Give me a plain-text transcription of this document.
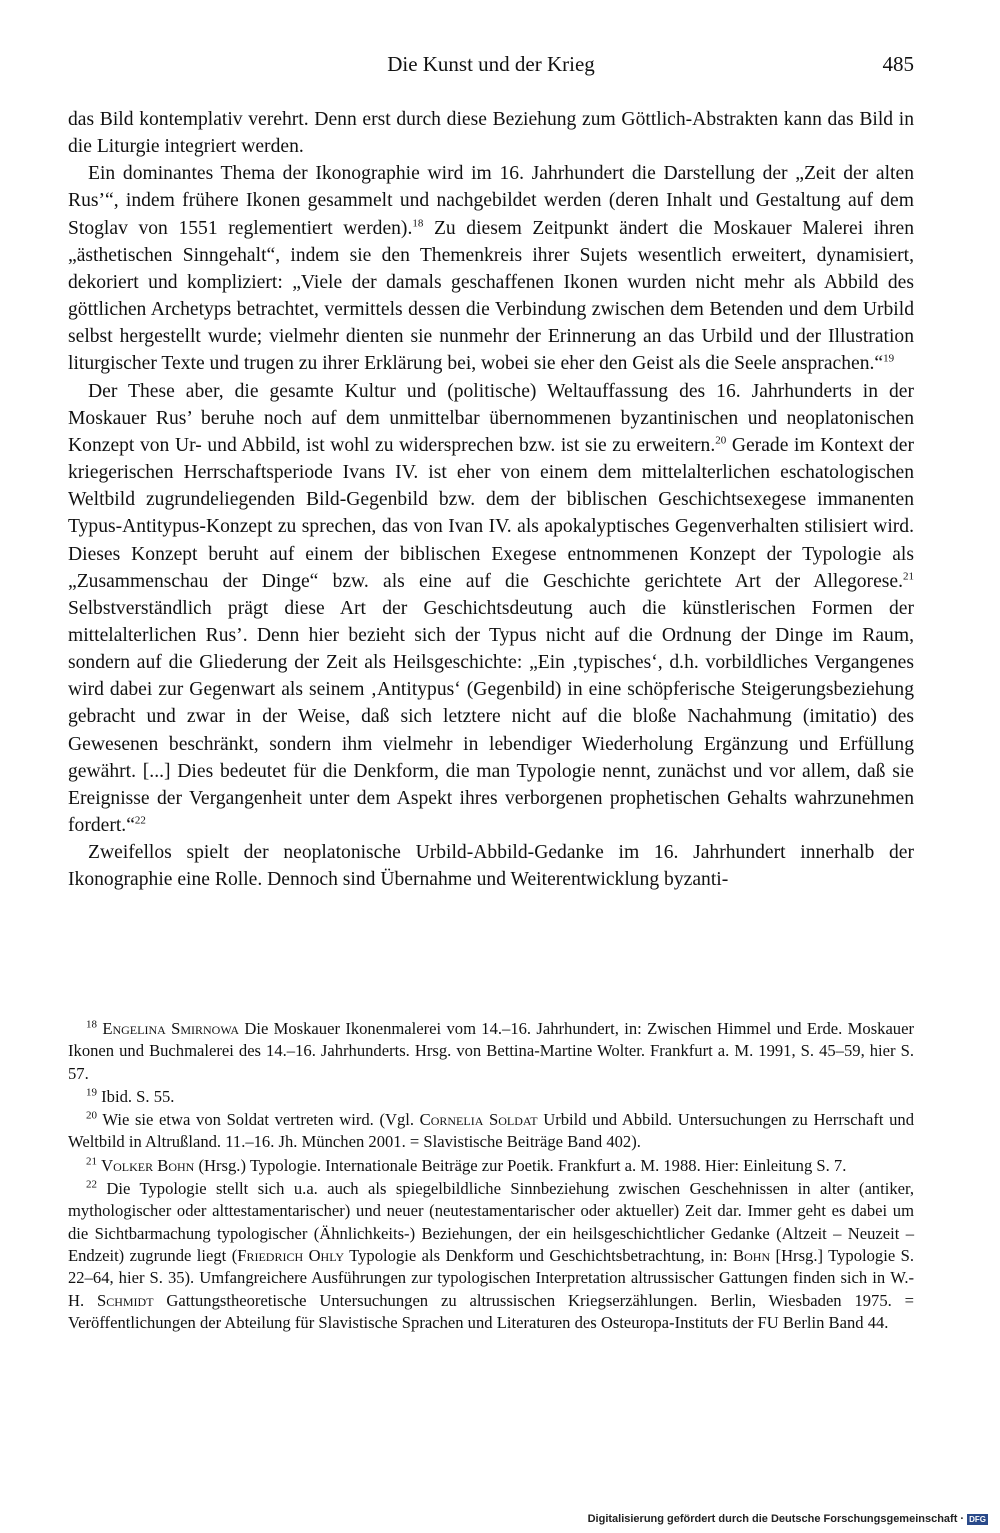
Die Kunst und der Krieg	485

das Bild kontemplativ verehrt. Denn erst durch diese Beziehung zum Göttlich-Abstrakten kann das Bild in die Liturgie integriert werden.

Ein dominantes Thema der Ikonographie wird im 16. Jahrhundert die Darstellung der „Zeit der alten Rus’“, indem frühere Ikonen gesammelt und nachgebildet werden (deren Inhalt und Gestaltung auf dem Stoglav von 1551 reglementiert werden).$^{18}$ Zu diesem Zeitpunkt ändert die Moskauer Malerei ihren „ästhetischen Sinngehalt“, indem sie den Themenkreis ihrer Sujets wesentlich erweitert, dynamisiert, dekoriert und kompliziert: „Viele der damals geschaffenen Ikonen wurden nicht mehr als Abbild des göttlichen Archetyps betrachtet, vermittels dessen die Verbindung zwischen dem Betenden und dem Urbild selbst hergestellt wurde; vielmehr dienten sie nunmehr der Erinnerung an das Urbild und der Illustration liturgischer Texte und trugen zu ihrer Erklärung bei, wobei sie eher den Geist als die Seele ansprachen.“$^{19}$

Der These aber, die gesamte Kultur und (politische) Weltauffassung des 16. Jahrhunderts in der Moskauer Rus’ beruhe noch auf dem unmittelbar übernommenen byzantinischen und neoplatonischen Konzept von Ur- und Abbild, ist wohl zu widersprechen bzw. ist sie zu erweitern.$^{20}$ Gerade im Kontext der kriegerischen Herrschaftsperiode Ivans IV. ist eher von einem dem mittelalterlichen eschatologischen Weltbild zugrundeliegenden Bild-Gegenbild bzw. dem der biblischen Geschichtsexegese immanenten Typus-Antitypus-Konzept zu sprechen, das von Ivan IV. als apokalyptisches Gegenverhalten stilisiert wird. Dieses Konzept beruht auf einem der biblischen Exegese entnommenen Konzept der Typologie als „Zusammenschau der Dinge“ bzw. als eine auf die Geschichte gerichtete Art der Allegorese.$^{21}$ Selbstverständlich prägt diese Art der Geschichtsdeutung auch die künstlerischen Formen der mittelalterlichen Rus’. Denn hier bezieht sich der Typus nicht auf die Ordnung der Dinge im Raum, sondern auf die Gliederung der Zeit als Heilsgeschichte: „Ein ‚typisches‘, d.h. vorbildliches Vergangenes wird dabei zur Gegenwart als seinem ‚Antitypus‘ (Gegenbild) in eine schöpferische Steigerungsbeziehung gebracht und zwar in der Weise, daß sich letztere nicht auf die bloße Nachahmung (imitatio) des Gewesenen beschränkt, sondern ihm vielmehr in lebendiger Wiederholung Ergänzung und Erfüllung gewährt. [...] Dies bedeutet für die Denkform, die man Typologie nennt, zunächst und vor allem, daß sie Ereignisse der Vergangenheit unter dem Aspekt ihres verborgenen prophetischen Gehalts wahrzunehmen fordert.“$^{22}$

Zweifellos spielt der neoplatonische Urbild-Abbild-Gedanke im 16. Jahrhundert innerhalb der Ikonographie eine Rolle. Dennoch sind Übernahme und Weiterentwicklung byzanti-

$^{18}$ Engelina Smirnowa Die Moskauer Ikonenmalerei vom 14.–16. Jahrhundert, in: Zwischen Himmel und Erde. Moskauer Ikonen und Buchmalerei des 14.–16. Jahrhunderts. Hrsg. von Bettina-Martine Wolter. Frankfurt a. M. 1991, S. 45–59, hier S. 57.

$^{19}$ Ibid. S. 55.

$^{20}$ Wie sie etwa von Soldat vertreten wird. (Vgl. Cornelia Soldat Urbild und Abbild. Untersuchungen zu Herrschaft und Weltbild in Altrußland. 11.–16. Jh. München 2001. = Slavistische Beiträge Band 402).

$^{21}$ Volker Bohn (Hrsg.) Typologie. Internationale Beiträge zur Poetik. Frankfurt a. M. 1988. Hier: Einleitung S. 7.

$^{22}$ Die Typologie stellt sich u.a. auch als spiegelbildliche Sinnbeziehung zwischen Geschehnissen in alter (antiker, mythologischer oder alttestamentarischer) und neuer (neutestamentarischer oder aktueller) Zeit dar. Immer geht es dabei um die Sichtbarmachung typologischer (Ähnlichkeits-) Beziehungen, der ein heilsgeschichtlicher Gedanke (Altzeit – Neuzeit – Endzeit) zugrunde liegt (Friedrich Ohly Typologie als Denkform und Geschichtsbetrachtung, in: Bohn [Hrsg.] Typologie S. 22–64, hier S. 35). Umfangreichere Ausführungen zur typologischen Interpretation altrussischer Gattungen finden sich in W.-H. Schmidt Gattungstheoretische Untersuchungen zu altrussischen Kriegserzählungen. Berlin, Wiesbaden 1975. = Veröffentlichungen der Abteilung für Slavistische Sprachen und Literaturen des Osteuropa-Instituts der FU Berlin Band 44.

Digitalisierung gefördert durch die Deutsche Forschungsgemeinschaft · DFG
